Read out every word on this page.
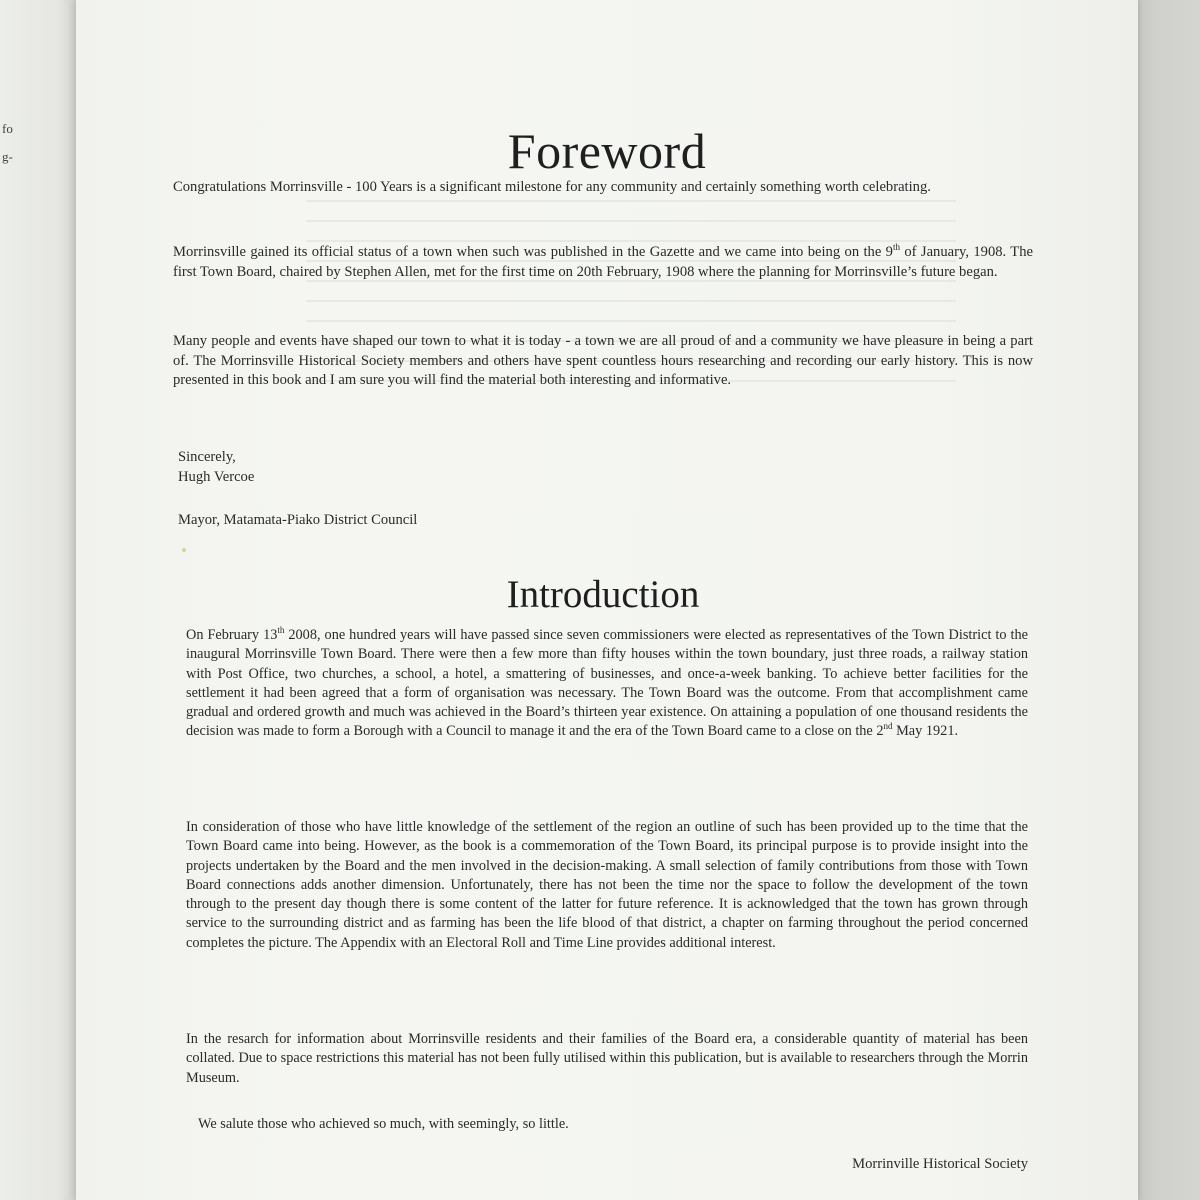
fo
g-	Foreword

Congratulations Morrinsville - 100 Years is a significant milestone for any community and certainly something worth celebrating.

Morrinsville gained its official status of a town when such was published in the Gazette and we came into being on the 9th of January, 1908. The first Town Board, chaired by Stephen Allen, met for the first time on 20th February, 1908 where the planning for Morrinsville’s future began.

Many people and events have shaped our town to what it is today - a town we are all proud of and a community we have pleasure in being a part of. The Morrinsville Historical Society members and others have spent countless hours researching and recording our early history. This is now presented in this book and I am sure you will find the material both interesting and informative.

Sincerely,

Hugh Vercoe

Mayor, Matamata-Piako District Council

Introduction

On February 13th 2008, one hundred years will have passed since seven commissioners were elected as representatives of the Town District to the inaugural Morrinsville Town Board. There were then a few more than fifty houses within the town boundary, just three roads, a railway station with Post Office, two churches, a school, a hotel, a smattering of businesses, and once-a-week banking. To achieve better facilities for the settlement it had been agreed that a form of organisation was necessary. The Town Board was the outcome. From that accomplishment came gradual and ordered growth and much was achieved in the Board’s thirteen year existence. On attaining a population of one thousand residents the decision was made to form a Borough with a Council to manage it and the era of the Town Board came to a close on the 2nd May 1921.

In consideration of those who have little knowledge of the settlement of the region an outline of such has been provided up to the time that the Town Board came into being. However, as the book is a commemoration of the Town Board, its principal purpose is to provide insight into the projects undertaken by the Board and the men involved in the decision-making. A small selection of family contributions from those with Town Board connections adds another dimension. Unfortunately, there has not been the time nor the space to follow the development of the town through to the present day though there is some content of the latter for future reference. It is acknowledged that the town has grown through service to the surrounding district and as farming has been the life blood of that district, a chapter on farming throughout the period concerned completes the picture. The Appendix with an Electoral Roll and Time Line provides additional interest.

In the resarch for information about Morrinsville residents and their families of the Board era, a considerable quantity of material has been collated. Due to space restrictions this material has not been fully utilised within this publication, but is available to researchers through the Morrin Museum.

We salute those who achieved so much, with seemingly, so little.

Morrinville Historical Society
